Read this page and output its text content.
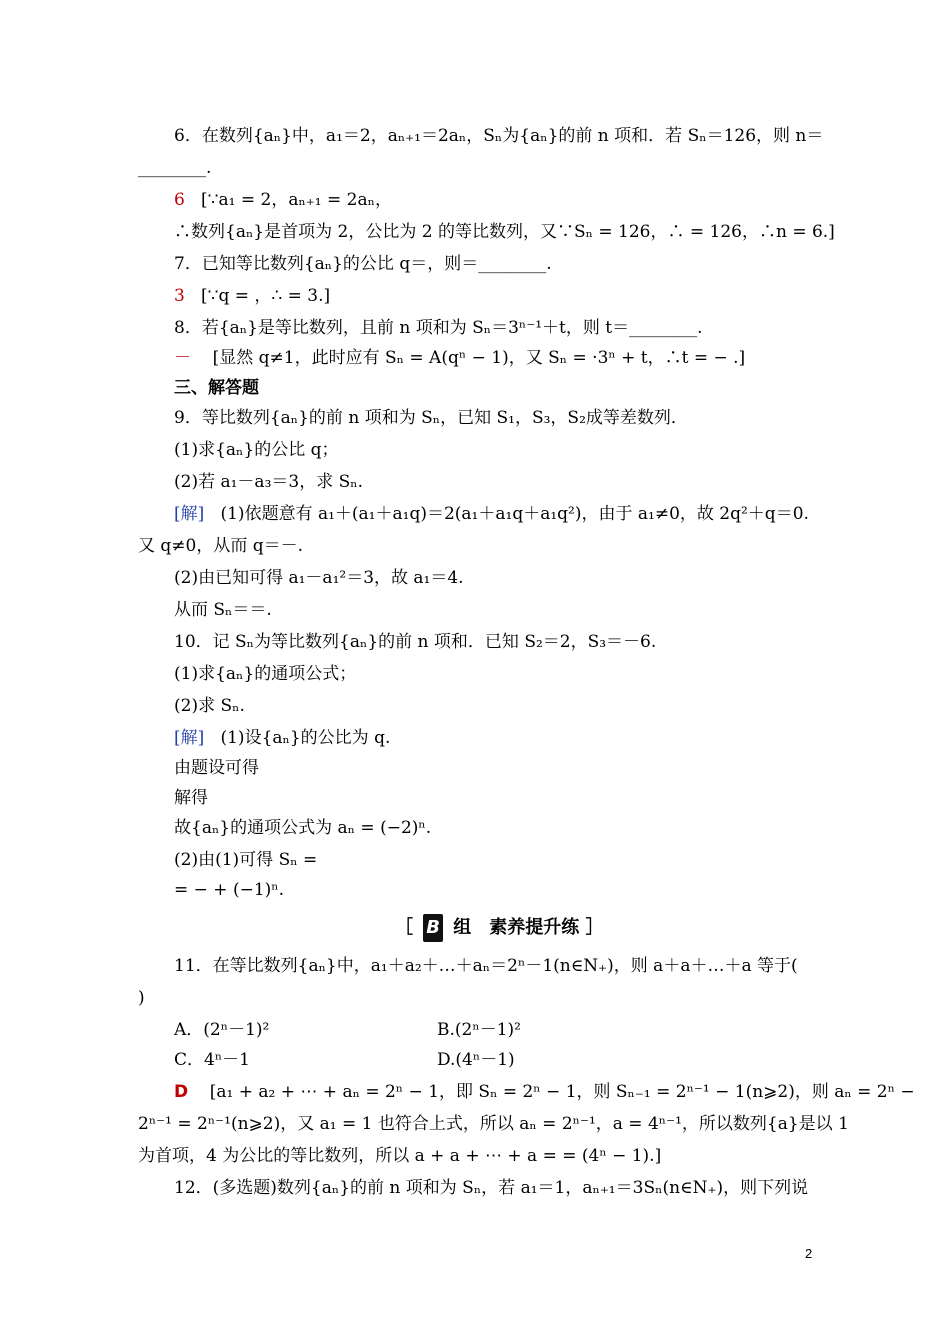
6．在数列{aₙ}中，a₁＝2，aₙ₊₁＝2aₙ，Sₙ为{aₙ}的前 n 项和．若 Sₙ＝126，则 n＝
________.
6 [∵a₁ = 2，aₙ₊₁ = 2aₙ，
∴数列{aₙ}是首项为 2，公比为 2 的等比数列，又∵Sₙ = 126，∴ = 126，∴n = 6.]
7．已知等比数列{aₙ}的公比 q＝，则＝________.
3 [∵q = ，∴ = 3.]
8．若{aₙ}是等比数列，且前 n 项和为 Sₙ＝3ⁿ⁻¹＋t，则 t＝________.
－ [显然 q≠1，此时应有 Sₙ = A(qⁿ − 1)，又 Sₙ = ·3ⁿ + t，∴t = − .]
三、解答题
9．等比数列{aₙ}的前 n 项和为 Sₙ，已知 S₁，S₃，S₂成等差数列．
(1)求{aₙ}的公比 q；
(2)若 a₁－a₃＝3，求 Sₙ.
[解] (1)依题意有 a₁＋(a₁＋a₁q)＝2(a₁＋a₁q＋a₁q²)，由于 a₁≠0，故 2q²＋q＝0.
又 q≠0，从而 q＝－.
(2)由已知可得 a₁－a₁²＝3，故 a₁＝4.
从而 Sₙ＝＝.
10．记 Sₙ为等比数列{aₙ}的前 n 项和．已知 S₂＝2，S₃＝－6.
(1)求{aₙ}的通项公式；
(2)求 Sₙ.
[解] (1)设{aₙ}的公比为 q.
由题设可得
解得
故{aₙ}的通项公式为 aₙ = (−2)ⁿ.
(2)由(1)可得 Sₙ =
= − + (−1)ⁿ.
［ B 组　素养提升练 ］
11．在等比数列{aₙ}中，a₁＋a₂＋…＋aₙ＝2ⁿ－1(n∈N₊)，则 a＋a＋…＋a 等于(
)
A．(2ⁿ－1)²	B.(2ⁿ－1)²
C．4ⁿ－1	D.(4ⁿ－1)
D [a₁ + a₂ + ⋯ + aₙ = 2ⁿ − 1，即 Sₙ = 2ⁿ − 1，则 Sₙ₋₁ = 2ⁿ⁻¹ − 1(n⩾2)，则 aₙ = 2ⁿ −
2ⁿ⁻¹ = 2ⁿ⁻¹(n⩾2)，又 a₁ = 1 也符合上式，所以 aₙ = 2ⁿ⁻¹，a = 4ⁿ⁻¹，所以数列{a}是以 1
为首项，4 为公比的等比数列，所以 a + a + ⋯ + a = = (4ⁿ − 1).]
12．(多选题)数列{aₙ}的前 n 项和为 Sₙ，若 a₁＝1，aₙ₊₁＝3Sₙ(n∈N₊)，则下列说
2
